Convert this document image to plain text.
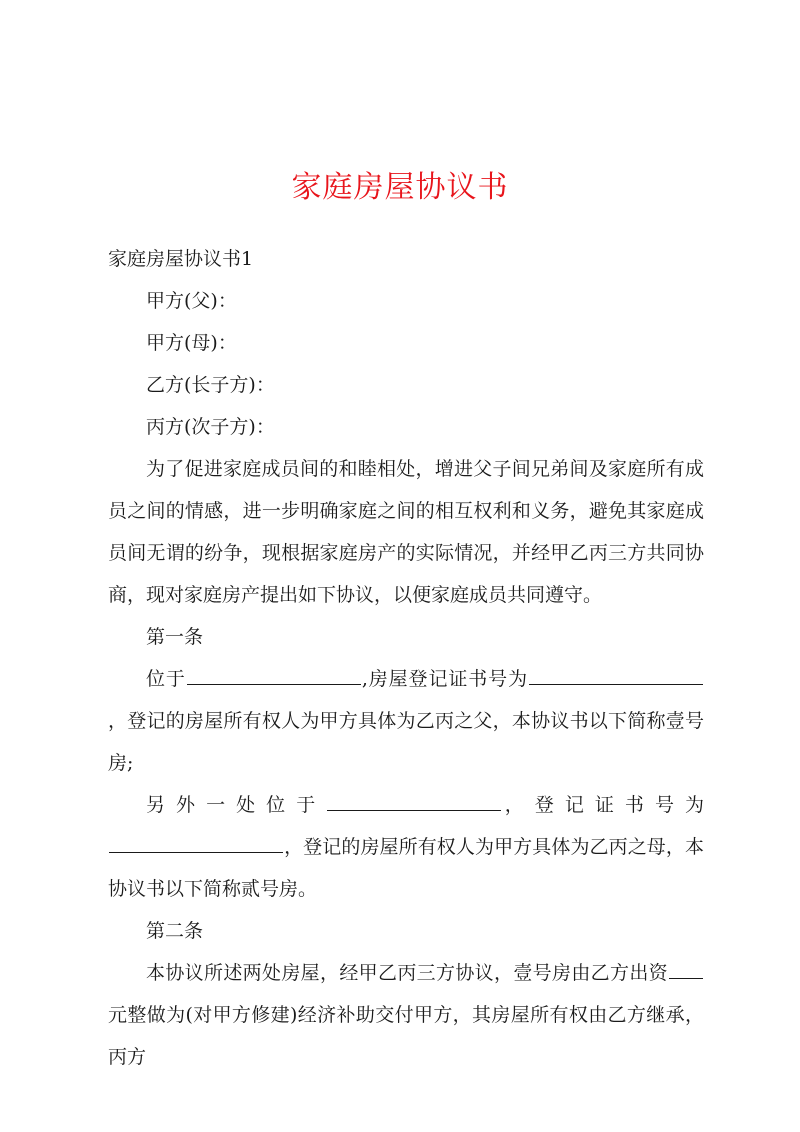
家庭房屋协议书

家庭房屋协议书1

甲方(父)：

甲方(母)：

乙方(长子方)：

丙方(次子方)：

为了促进家庭成员间的和睦相处，增进父子间兄弟间及家庭所有成员之间的情感，进一步明确家庭之间的相互权利和义务，避免其家庭成员间无谓的纷争，现根据家庭房产的实际情况，并经甲乙丙三方共同协商，现对家庭房产提出如下协议，以便家庭成员共同遵守。

第一条

位于	,房屋登记证书号为，登记的房屋所有权人为甲方具体为乙丙之父，本协议书以下简称壹号房;

另 外 一 处 位 于	， 登 记 证 书 号 为

，登记的房屋所有权人为甲方具体为乙丙之母，本协议书以下简称贰号房。

第二条

本协议所述两处房屋，经甲乙丙三方协议，壹号房由乙方出资元整做为(对甲方修建)经济补助交付甲方，其房屋所有权由乙方继承，丙方
